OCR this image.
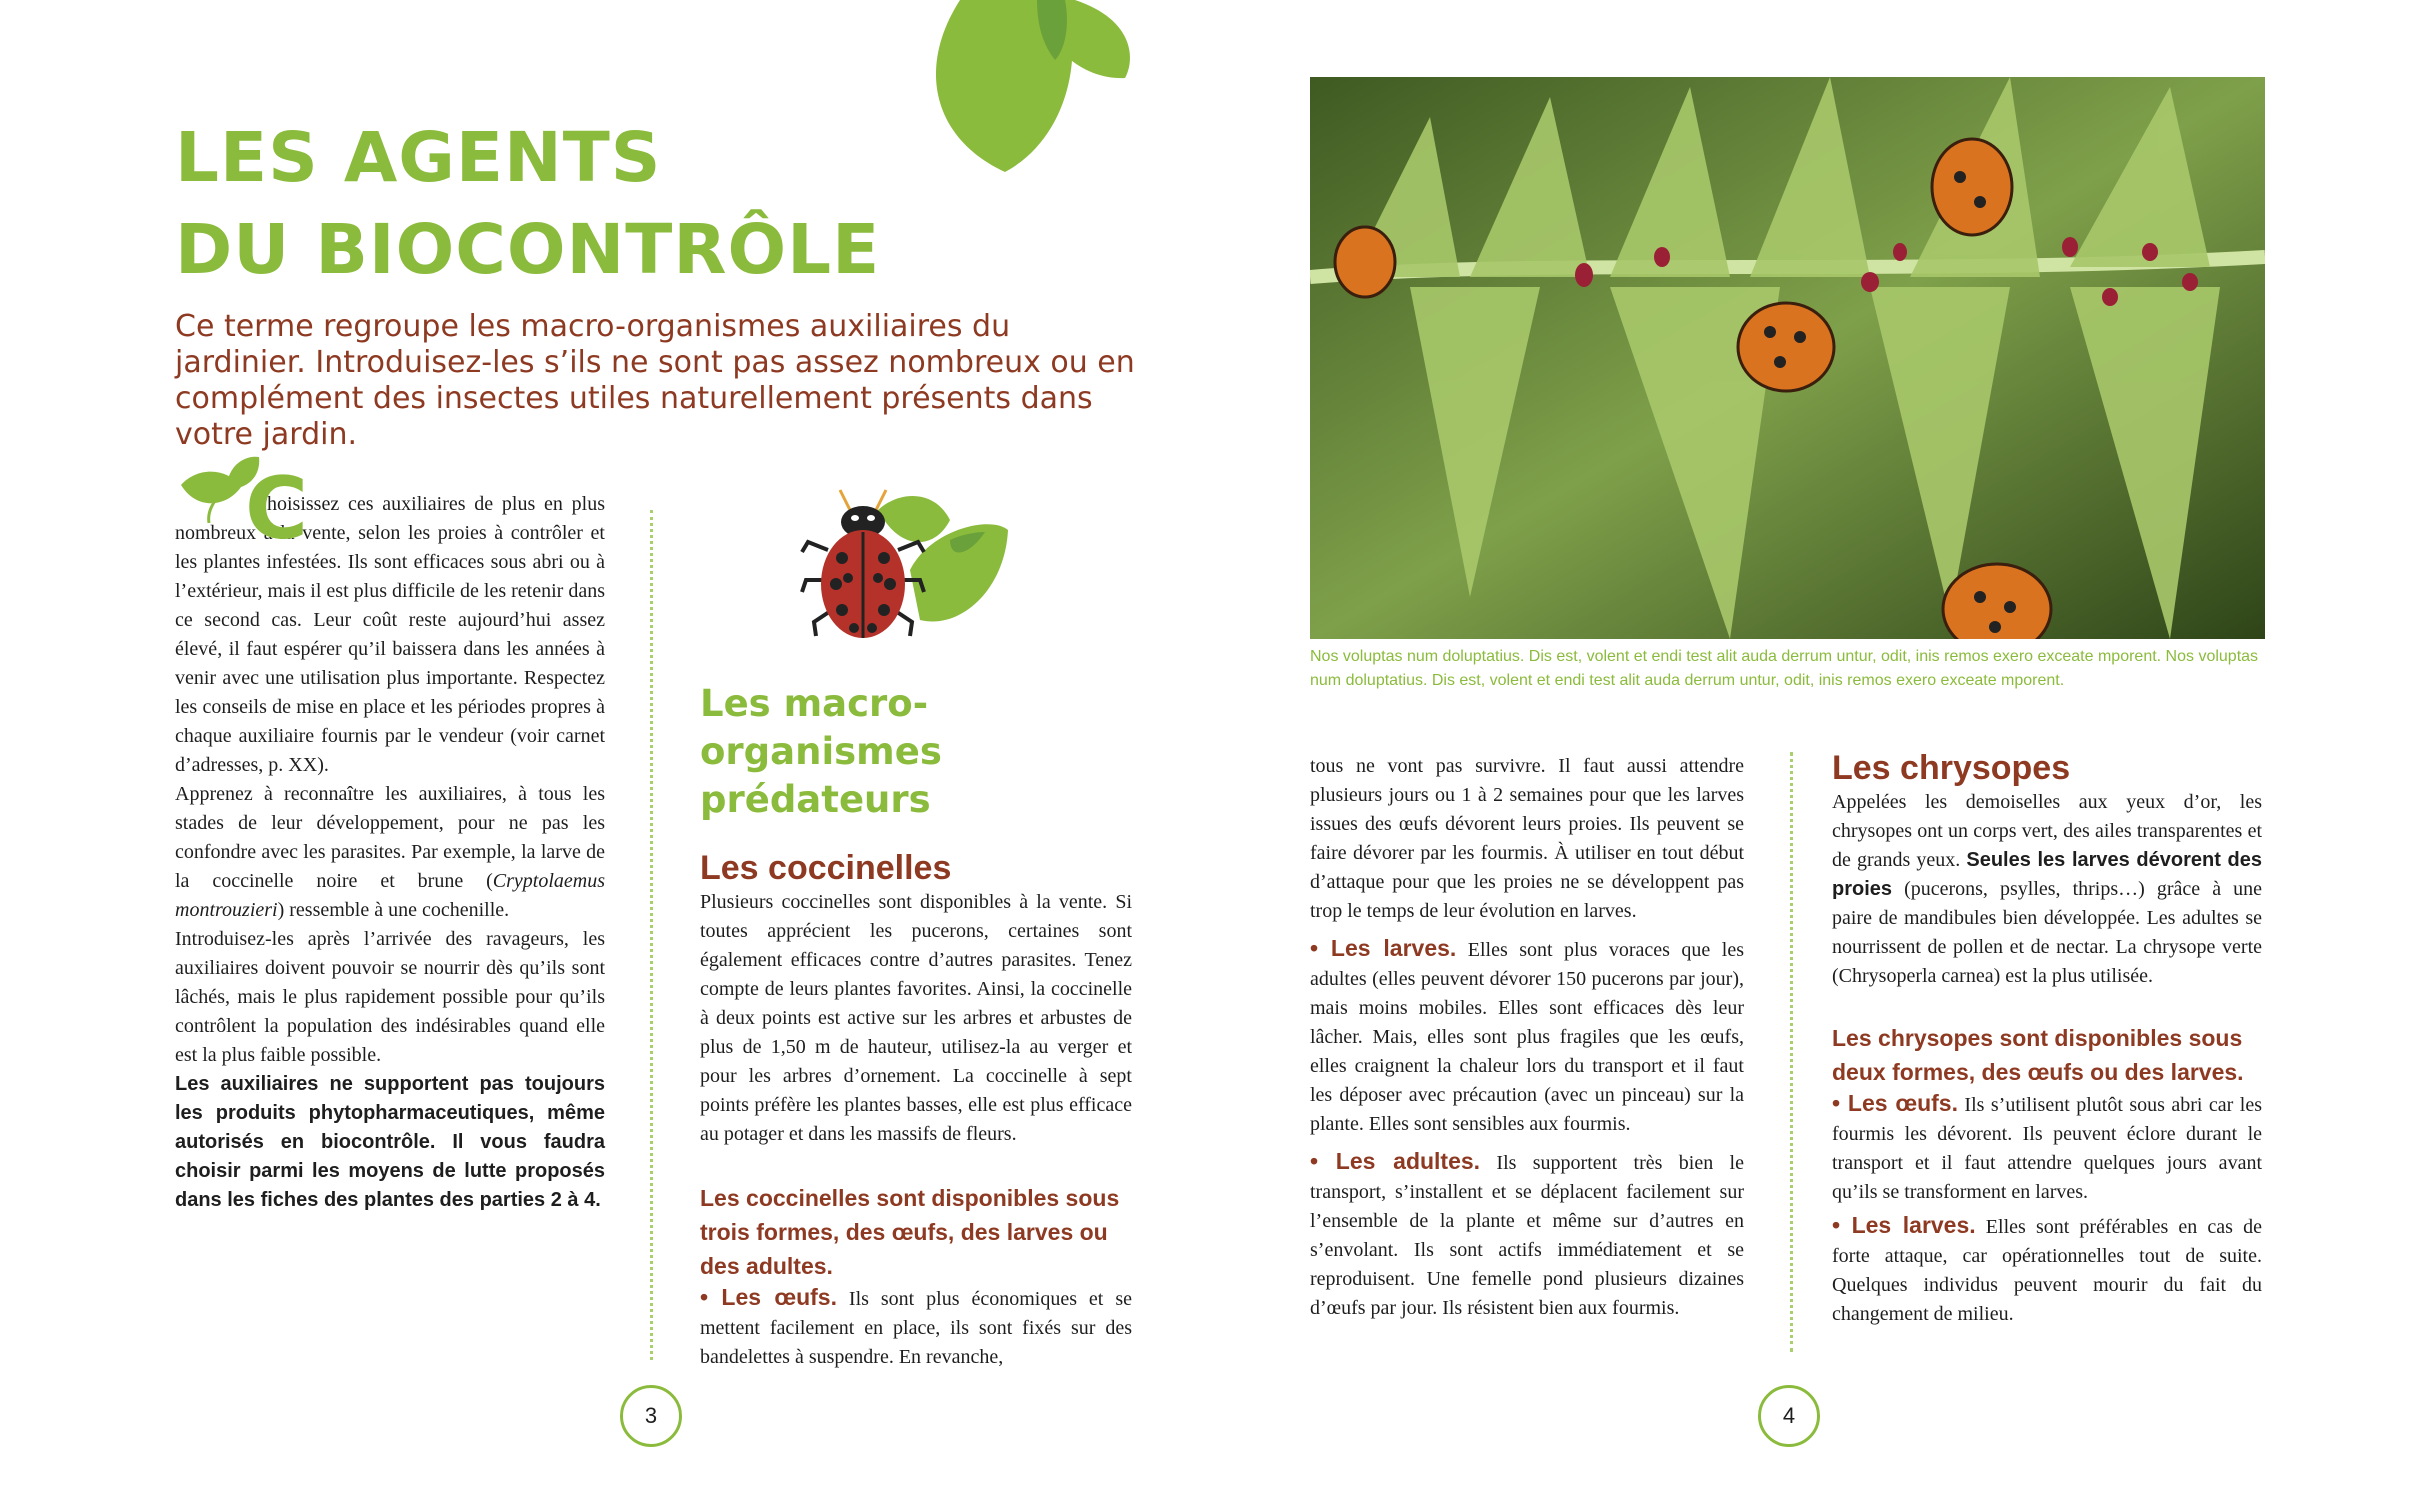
LES AGENTS
DU BIOCONTRÔLE

Ce terme regroupe les macro-organismes auxiliaires du jardinier. Introduisez-les s’ils ne sont pas assez nombreux ou en complément des insectes utiles naturellement présents dans votre jardin.

C

hoisissez ces auxiliaires de plus en plus nombreux à la vente, selon les proies à contrôler et les plantes infestées. Ils sont efficaces sous abri ou à l’extérieur, mais il est plus difficile de les retenir dans ce second cas. Leur coût reste aujourd’hui assez élevé, il faut espérer qu’il baissera dans les années à venir avec une utilisation plus importante. Respectez les conseils de mise en place et les périodes propres à chaque auxiliaire fournis par le vendeur (voir carnet d’adresses, p. XX).

Apprenez à reconnaître les auxiliaires, à tous les stades de leur développement, pour ne pas les confondre avec les parasites. Par exemple, la larve de la coccinelle noire et brune (Cryptolaemus montrouzieri) ressemble à une cochenille.

Introduisez-les après l’arrivée des ravageurs, les auxiliaires doivent pouvoir se nourrir dès qu’ils sont lâchés, mais le plus rapidement possible pour qu’ils contrôlent la population des indésirables quand elle est la plus faible possible.

Les auxiliaires ne supportent pas toujours les produits phytopharmaceutiques, même autorisés en biocontrôle. Il vous faudra choisir parmi les moyens de lutte proposés dans les fiches des plantes des parties 2 à 4.

Les macro-organismes prédateurs
Les coccinelles

Plusieurs coccinelles sont disponibles à la vente. Si toutes apprécient les pucerons, certaines sont également efficaces contre d’autres parasites. Tenez compte de leurs plantes favorites. Ainsi, la coccinelle à deux points est active sur les arbres et arbustes de plus de 1,50 m de hauteur, utilisez-la au verger et pour les arbres d’ornement. La coccinelle à sept points préfère les plantes basses, elle est plus efficace au potager et dans les massifs de fleurs.

Les coccinelles sont disponibles sous trois formes, des œufs, des larves ou des adultes.

• Les œufs. Ils sont plus économiques et se mettent facilement en place, ils sont fixés sur des bandelettes à suspendre. En revanche,

3

Nos voluptas num doluptatius. Dis est, volent et endi test alit auda derrum untur, odit, inis remos exero exceate mporent. Nos voluptas num doluptatius. Dis est, volent et endi test alit auda derrum untur, odit, inis remos exero exceate mporent.

tous ne vont pas survivre. Il faut aussi attendre plusieurs jours ou 1 à 2 semaines pour que les larves issues des œufs dévorent leurs proies. Ils peuvent se faire dévorer par les fourmis. À utiliser en tout début d’attaque pour que les proies ne se développent pas trop le temps de leur évolution en larves.

• Les larves. Elles sont plus voraces que les adultes (elles peuvent dévorer 150 pucerons par jour), mais moins mobiles. Elles sont efficaces dès leur lâcher. Mais, elles sont plus fragiles que les œufs, elles craignent la chaleur lors du transport et il faut les déposer avec précaution (avec un pinceau) sur la plante. Elles sont sensibles aux fourmis.

• Les adultes. Ils supportent très bien le transport, s’installent et se déplacent facilement sur l’ensemble de la plante et même sur d’autres en s’envolant. Ils sont actifs immédiatement et se reproduisent. Une femelle pond plusieurs dizaines d’œufs par jour. Ils résistent bien aux fourmis.

Les chrysopes

Appelées les demoiselles aux yeux d’or, les chrysopes ont un corps vert, des ailes transparentes et de grands yeux. Seules les larves dévorent des proies (pucerons, psylles, thrips…) grâce à une paire de mandibules bien développée. Les adultes se nourrissent de pollen et de nectar. La chrysope verte (Chrysoperla carnea) est la plus utilisée.

Les chrysopes sont disponibles sous deux formes, des œufs ou des larves.

• Les œufs. Ils s’utilisent plutôt sous abri car les fourmis les dévorent. Ils peuvent éclore durant le transport et il faut attendre quelques jours avant qu’ils se transforment en larves.

• Les larves. Elles sont préférables en cas de forte attaque, car opérationnelles tout de suite. Quelques individus peuvent mourir du fait du changement de milieu.

4
